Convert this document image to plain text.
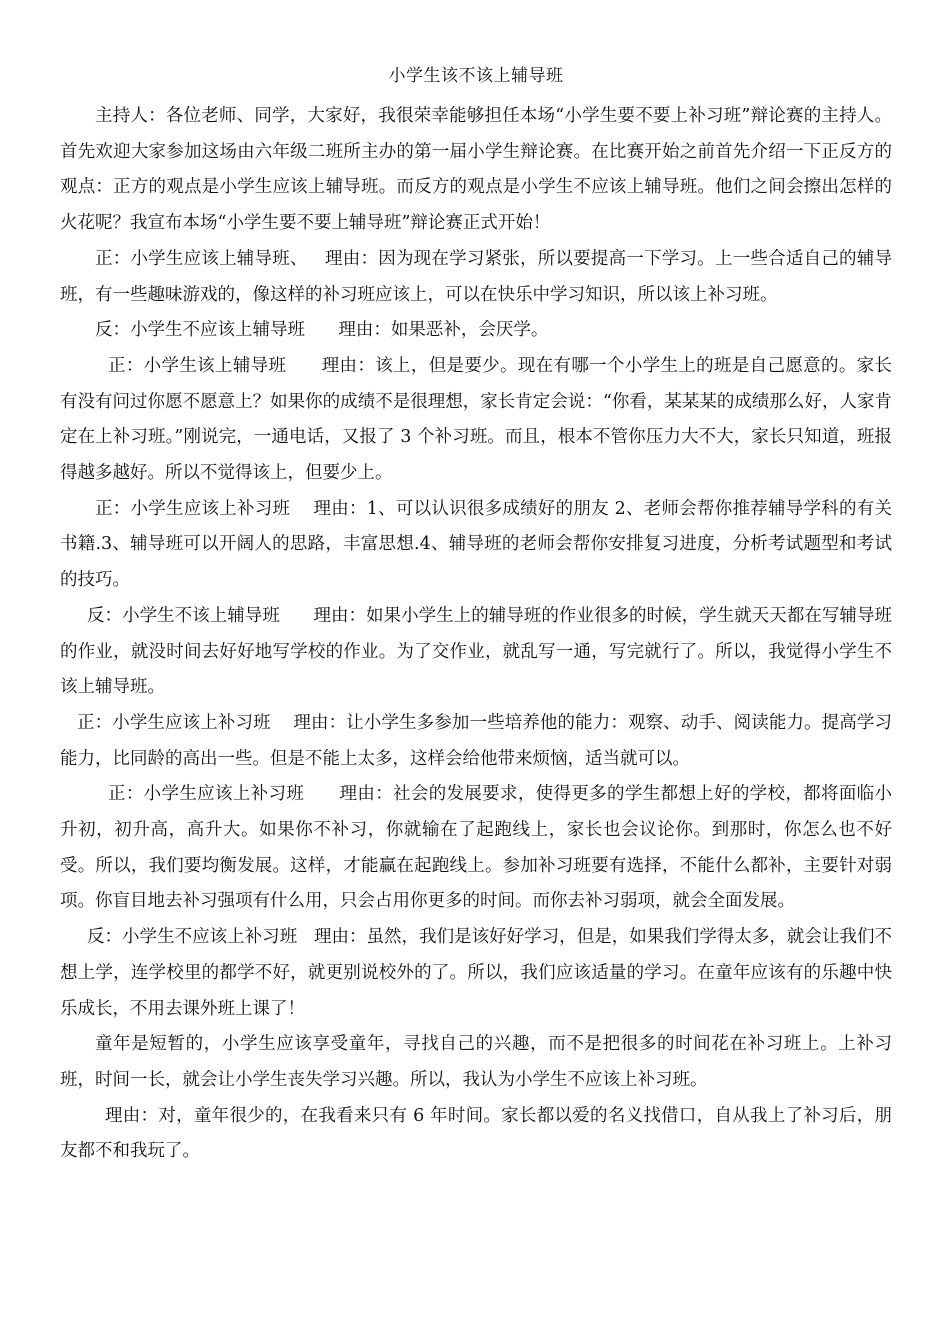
小学生该不该上辅导班

主持人：各位老师、同学，大家好，我很荣幸能够担任本场“小学生要不要上补习班”辩论赛的主持人。首先欢迎大家参加这场由六年级二班所主办的第一届小学生辩论赛。在比赛开始之前首先介绍一下正反方的观点：正方的观点是小学生应该上辅导班。而反方的观点是小学生不应该上辅导班。他们之间会擦出怎样的火花呢？我宣布本场“小学生要不要上辅导班”辩论赛正式开始！

正：小学生应该上辅导班、   理由：因为现在学习紧张，所以要提高一下学习。上一些合适自己的辅导班，有一些趣味游戏的，像这样的补习班应该上，可以在快乐中学习知识，所以该上补习班。

反：小学生不应该上辅导班      理由：如果恶补，会厌学。

正：小学生该上辅导班      理由：该上，但是要少。现在有哪一个小学生上的班是自己愿意的。家长有没有问过你愿不愿意上？如果你的成绩不是很理想，家长肯定会说：“你看，某某某的成绩那么好，人家肯定在上补习班。”刚说完，一通电话，又报了 3 个补习班。而且，根本不管你压力大不大，家长只知道，班报得越多越好。所以不觉得该上，但要少上。

正：小学生应该上补习班    理由：1、可以认识很多成绩好的朋友 2、老师会帮你推荐辅导学科的有关书籍.3、辅导班可以开阔人的思路，丰富思想.4、辅导班的老师会帮你安排复习进度，分析考试题型和考试的技巧。

反：小学生不该上辅导班      理由：如果小学生上的辅导班的作业很多的时候，学生就天天都在写辅导班的作业，就没时间去好好地写学校的作业。为了交作业，就乱写一通，写完就行了。所以，我觉得小学生不该上辅导班。

正：小学生应该上补习班    理由：让小学生多参加一些培养他的能力：观察、动手、阅读能力。提高学习能力，比同龄的高出一些。但是不能上太多，这样会给他带来烦恼，适当就可以。

正：小学生应该上补习班      理由：社会的发展要求，使得更多的学生都想上好的学校，都将面临小升初，初升高，高升大。如果你不补习，你就输在了起跑线上，家长也会议论你。到那时，你怎么也不好受。所以，我们要均衡发展。这样，才能赢在起跑线上。参加补习班要有选择，不能什么都补，主要针对弱项。你盲目地去补习强项有什么用，只会占用你更多的时间。而你去补习弱项，就会全面发展。

反：小学生不应该上补习班   理由：虽然，我们是该好好学习，但是，如果我们学得太多，就会让我们不想上学，连学校里的都学不好，就更别说校外的了。所以，我们应该适量的学习。在童年应该有的乐趣中快乐成长，不用去课外班上课了！

童年是短暂的，小学生应该享受童年，寻找自己的兴趣，而不是把很多的时间花在补习班上。上补习班，时间一长，就会让小学生丧失学习兴趣。所以，我认为小学生不应该上补习班。

理由：对，童年很少的，在我看来只有 6 年时间。家长都以爱的名义找借口，自从我上了补习后，朋友都不和我玩了。
